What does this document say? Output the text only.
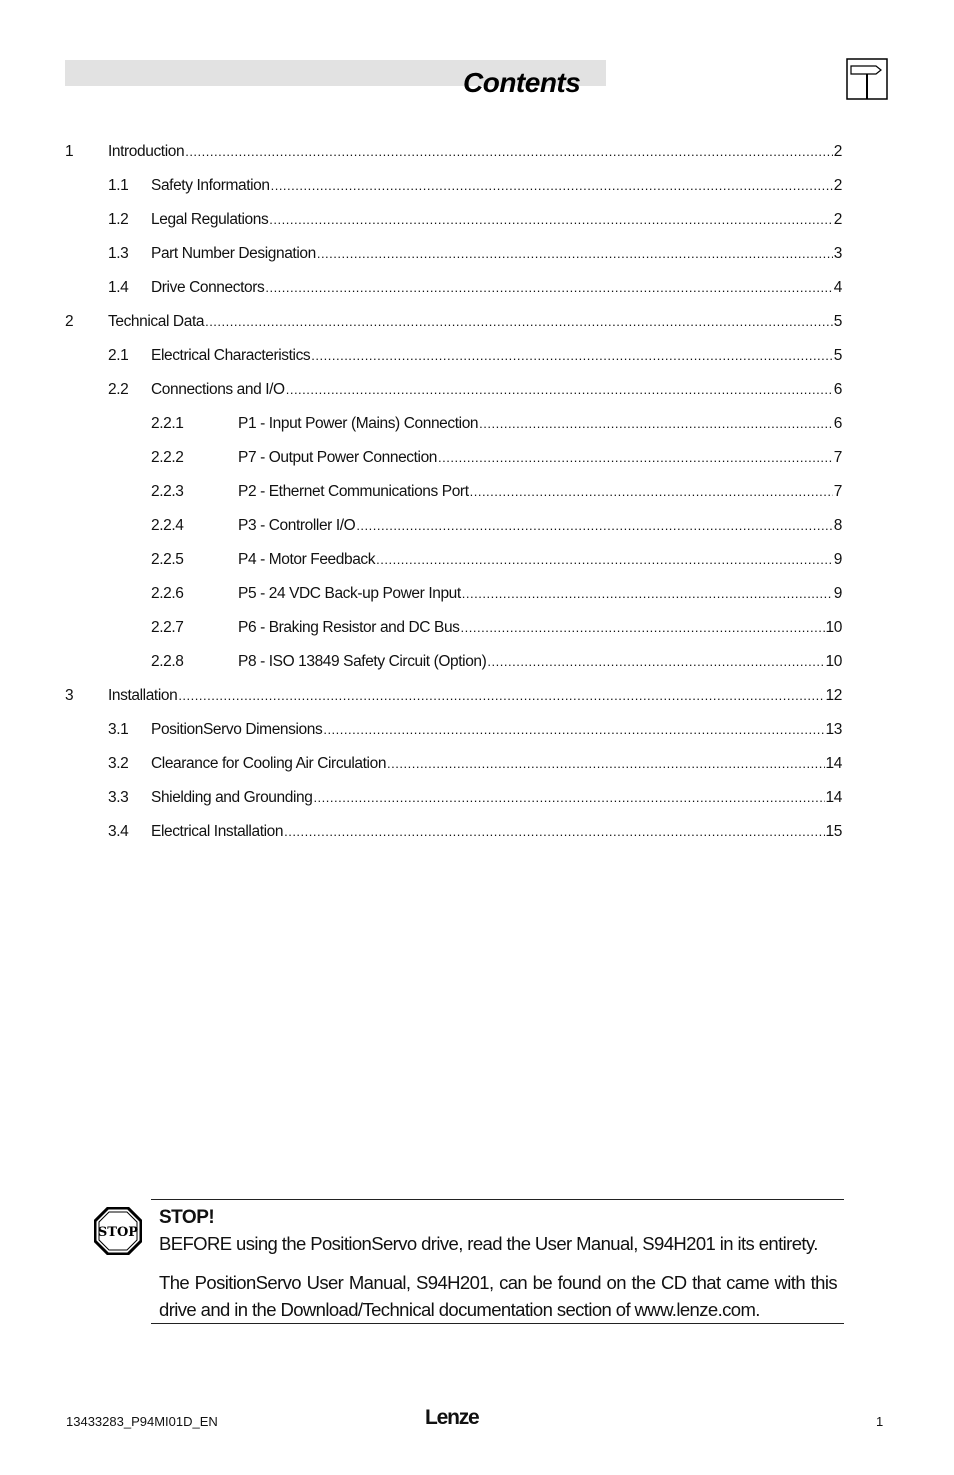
Contents
1 Introduction .....	2
1.1 Safety Information .....	2
1.2 Legal Regulations .....	2
1.3 Part Number Designation .....	3
1.4 Drive Connectors .....	4
2 Technical Data .....	5
2.1 Electrical Characteristics .....	5
2.2 Connections and I/O .....	6
2.2.1	P1 - Input Power (Mains) Connection .....	6
2.2.2	P7 - Output Power Connection .....	7
2.2.3	P2 - Ethernet Communications Port .....	7
2.2.4	P3 - Controller I/O .....	8
2.2.5	P4 - Motor Feedback .....	9
2.2.6	P5 - 24 VDC Back-up Power Input .....	9
2.2.7	P6 - Braking Resistor and DC Bus .....	10
2.2.8	P8 - ISO 13849 Safety Circuit (Option) .....	10
3 Installation .....	12
3.1 PositionServo Dimensions .....	13
3.2 Clearance for Cooling Air Circulation .....	14
3.3 Shielding and Grounding .....	14
3.4 Electrical Installation .....	15
STOP
STOP!
BEFORE using the PositionServo drive, read the User Manual, S94H201 in its entirety.
The PositionServo User Manual, S94H201, can be found on the CD that came with this drive and in the Download/Technical documentation section of www.lenze.com.
13433283_P94MI01D_EN	Lenze	1
